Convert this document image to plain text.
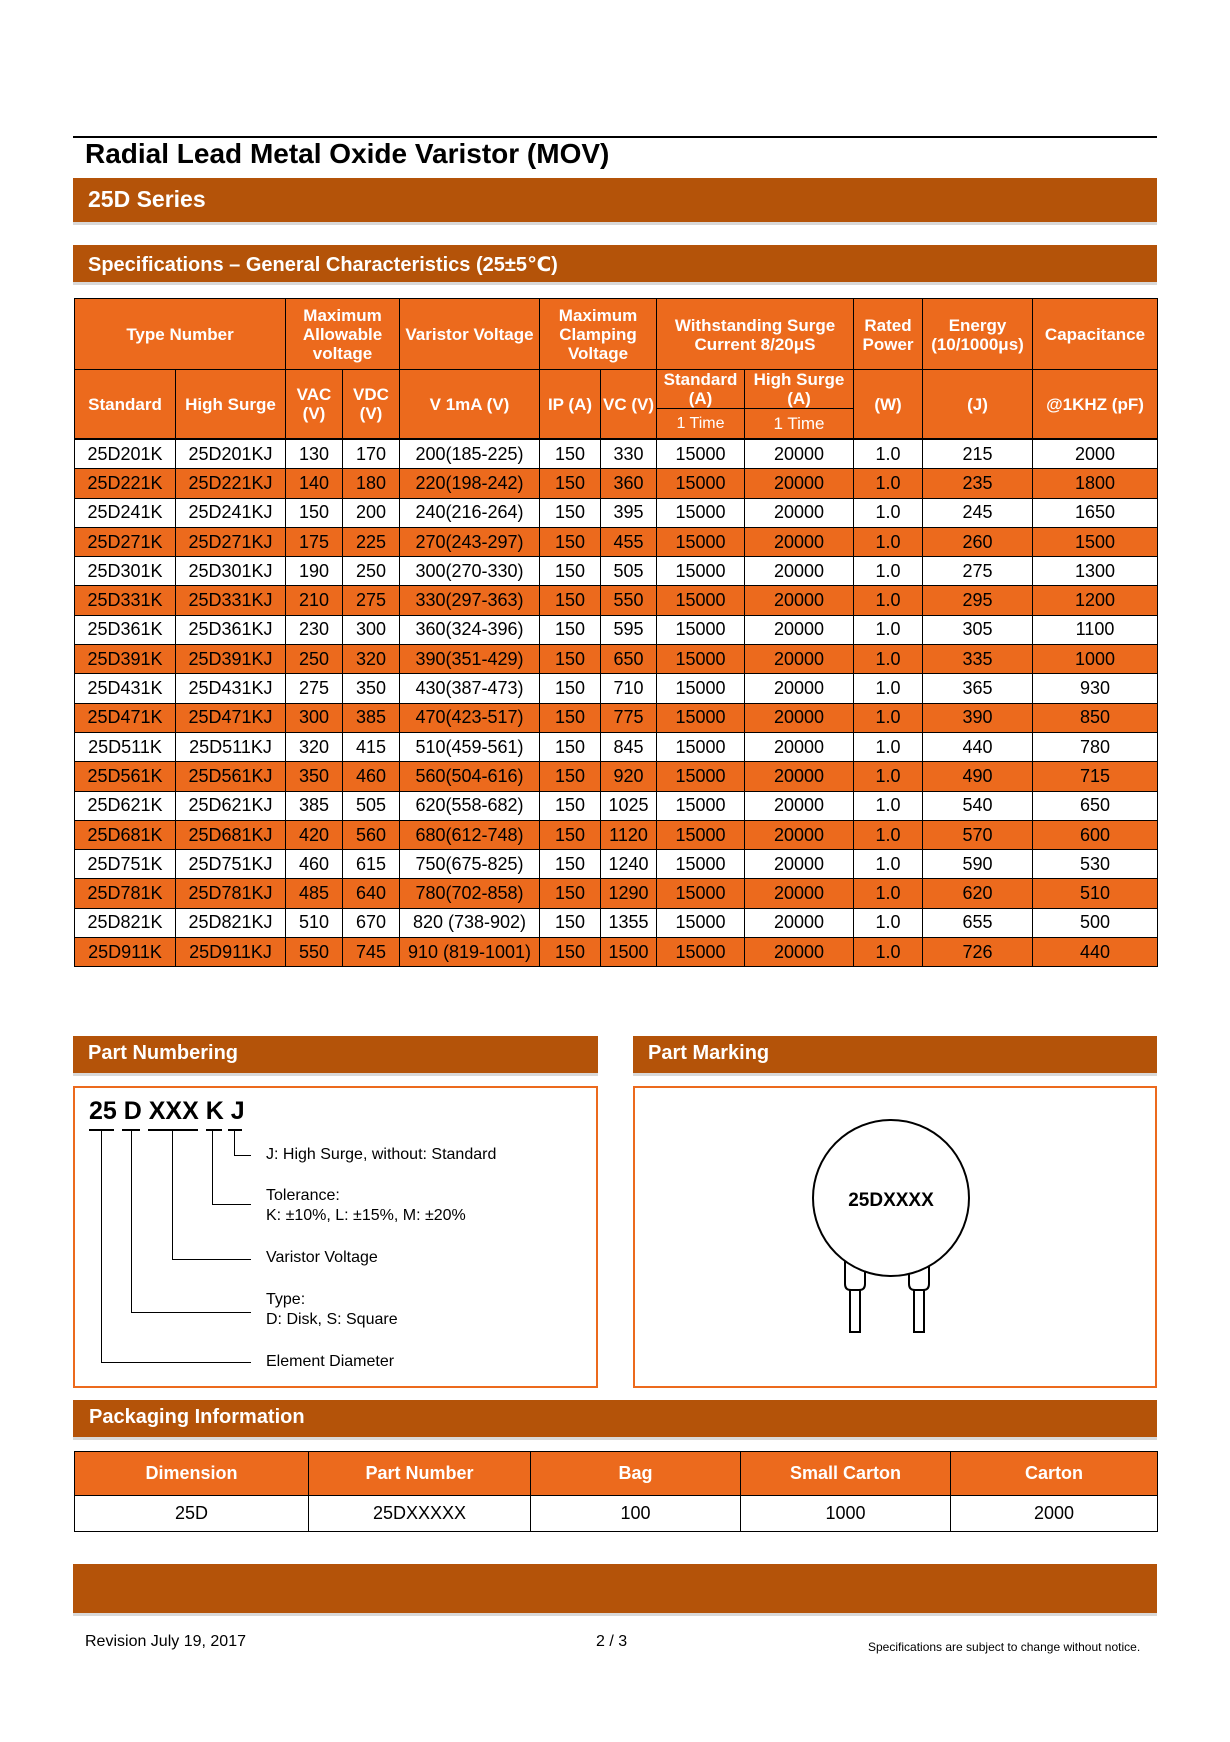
Radial Lead Metal Oxide Varistor (MOV)
25D Series
Specifications – General Characteristics (25±5℃)
Type Number	Maximum Allowable voltage	Varistor Voltage	Maximum Clamping Voltage	Withstanding Surge Current 8/20μS	Rated Power	Energy (10/1000μs)	Capacitance

Standard	High Surge	VAC (V)	VDC (V)	V 1mA (V)	IP (A)	VC (V)	Standard (A)	High Surge (A)	(W)	(J)	@1KHZ (pF)
							1 Time	1 Time			
25D201K	25D201KJ	130	170	200(185-225)	150	330	15000	20000	1.0	215	2000
25D221K	25D221KJ	140	180	220(198-242)	150	360	15000	20000	1.0	235	1800
25D241K	25D241KJ	150	200	240(216-264)	150	395	15000	20000	1.0	245	1650
25D271K	25D271KJ	175	225	270(243-297)	150	455	15000	20000	1.0	260	1500
25D301K	25D301KJ	190	250	300(270-330)	150	505	15000	20000	1.0	275	1300
25D331K	25D331KJ	210	275	330(297-363)	150	550	15000	20000	1.0	295	1200
25D361K	25D361KJ	230	300	360(324-396)	150	595	15000	20000	1.0	305	1100
25D391K	25D391KJ	250	320	390(351-429)	150	650	15000	20000	1.0	335	1000
25D431K	25D431KJ	275	350	430(387-473)	150	710	15000	20000	1.0	365	930
25D471K	25D471KJ	300	385	470(423-517)	150	775	15000	20000	1.0	390	850
25D511K	25D511KJ	320	415	510(459-561)	150	845	15000	20000	1.0	440	780
25D561K	25D561KJ	350	460	560(504-616)	150	920	15000	20000	1.0	490	715
25D621K	25D621KJ	385	505	620(558-682)	150	1025	15000	20000	1.0	540	650
25D681K	25D681KJ	420	560	680(612-748)	150	1120	15000	20000	1.0	570	600
25D751K	25D751KJ	460	615	750(675-825)	150	1240	15000	20000	1.0	590	530
25D781K	25D781KJ	485	640	780(702-858)	150	1290	15000	20000	1.0	620	510
25D821K	25D821KJ	510	670	820 (738-902)	150	1355	15000	20000	1.0	655	500
25D911K	25D911KJ	550	745	910 (819-1001)	150	1500	15000	20000	1.0	726	440
Part Numbering
25 D XXX K J
J: High Surge, without: Standard
Tolerance:
K: ±10%, L: ±15%, M: ±20%
Varistor Voltage
Type:
D: Disk, S: Square
Element Diameter
Part Marking
25DXXXX
Packaging Information
Dimension	Part Number	Bag	Small Carton	Carton
25D	25DXXXXX	100	1000	2000
Revision July 19, 2017	2 / 3	Specifications are subject to change without notice.
